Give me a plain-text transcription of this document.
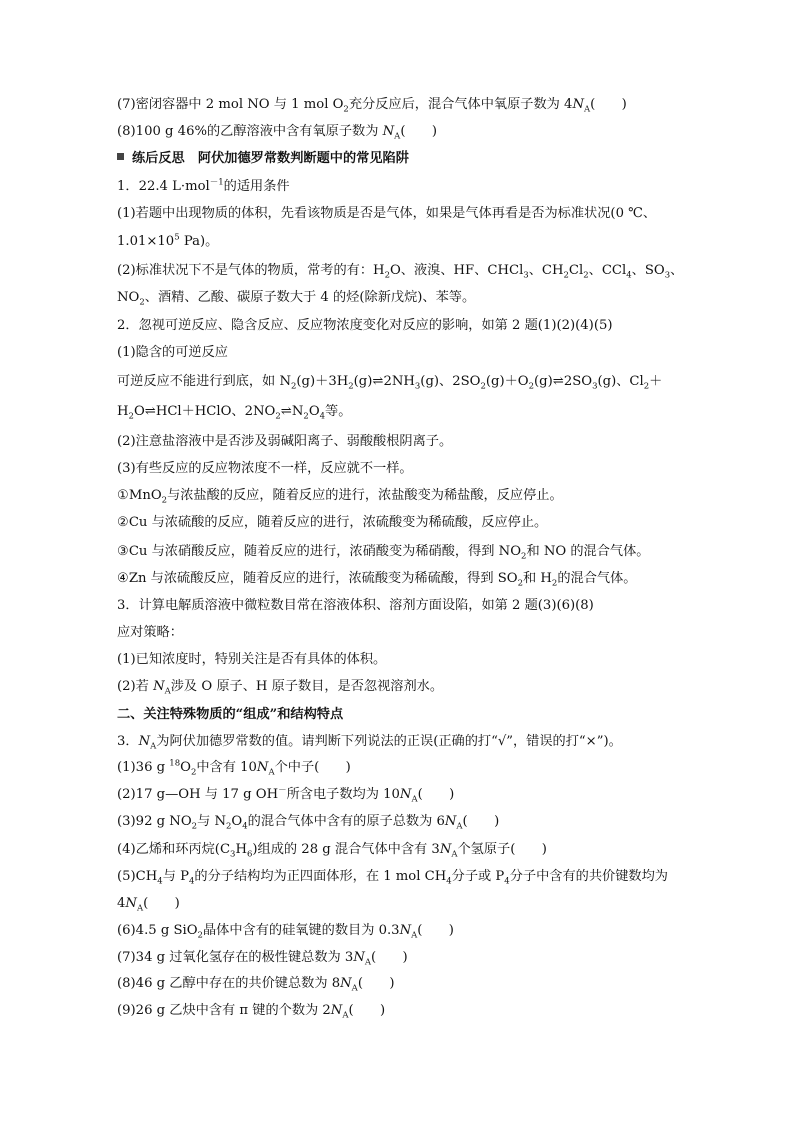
(7)密闭容器中 2 mol NO 与 1 mol $O_2$充分反应后，混合气体中氧原子数为 $4N_A$(　　)
(8)100 g 46%的乙醇溶液中含有氧原子数为 $N_A$(　　)
练后反思　阿伏加德罗常数判断题中的常见陷阱
1．22.4 L·mol$^{-1}$的适用条件
(1)若题中出现物质的体积，先看该物质是否是气体，如果是气体再看是否为标准状况(0 ℃、
$1.01\times 10^5$ Pa)。
(2)标准状况下不是气体的物质，常考的有：$H_2O$、液溴、HF、CHCl$_3$、$CH_2Cl_2$、CCl$_4$、$SO_3$、
$NO_2$、酒精、乙酸、碳原子数大于 4 的烃(除新戊烷)、苯等。
2．忽视可逆反应、隐含反应、反应物浓度变化对反应的影响，如第 2 题(1)(2)(4)(5)
(1)隐含的可逆反应
可逆反应不能进行到底，如 $N_2(g)+3H_2(g)\rightleftharpoons 2NH_3(g)$、$2SO_2(g)+O_2(g)\rightleftharpoons 2SO_3(g)$、$Cl_2+$
$H_2O\rightleftharpoons HCl+HClO$、$2NO_2\rightleftharpoons N_2O_4$等。
(2)注意盐溶液中是否涉及弱碱阳离子、弱酸酸根阴离子。
(3)有些反应的反应物浓度不一样，反应就不一样。
①MnO$_2$与浓盐酸的反应，随着反应的进行，浓盐酸变为稀盐酸，反应停止。
②Cu 与浓硫酸的反应，随着反应的进行，浓硫酸变为稀硫酸，反应停止。
③Cu 与浓硝酸反应，随着反应的进行，浓硝酸变为稀硝酸，得到 $NO_2$和 NO 的混合气体。
④Zn 与浓硫酸反应，随着反应的进行，浓硫酸变为稀硫酸，得到 $SO_2$和 $H_2$的混合气体。
3．计算电解质溶液中微粒数目常在溶液体积、溶剂方面设陷，如第 2 题(3)(6)(8)
应对策略：
(1)已知浓度时，特别关注是否有具体的体积。
(2)若 $N_A$涉及 O 原子、H 原子数目，是否忽视溶剂水。
二、关注特殊物质的“组成”和结构特点
3．$N_A$为阿伏加德罗常数的值。请判断下列说法的正误(正确的打“√”，错误的打“×”)。
(1)36 g $^{18}O_2$中含有 $10N_A$个中子(　　)
(2)17 g—OH 与 17 g OH－所含电子数均为 $10N_A$(　　)
(3)92 g $NO_2$与 $N_2O_4$的混合气体中含有的原子总数为 $6N_A$(　　)
(4)乙烯和环丙烷$(C_3H_6)$组成的 28 g 混合气体中含有 $3N_A$个氢原子(　　)
$(5)CH_4$与 $P_4$的分子结构均为正四面体形，在 1 mol $CH_4$分子或 $P_4$分子中含有的共价键数均为
$4N_A$(　　)
(6)4.5 g SiO$_2$晶体中含有的硅氧键的数目为 $0.3N_A$(　　)
(7)34 g 过氧化氢存在的极性键总数为 $3N_A$(　　)
(8)46 g 乙醇中存在的共价键总数为 $8N_A$(　　)
(9)26 g 乙炔中含有 π 键的个数为 $2N_A$(　　)
